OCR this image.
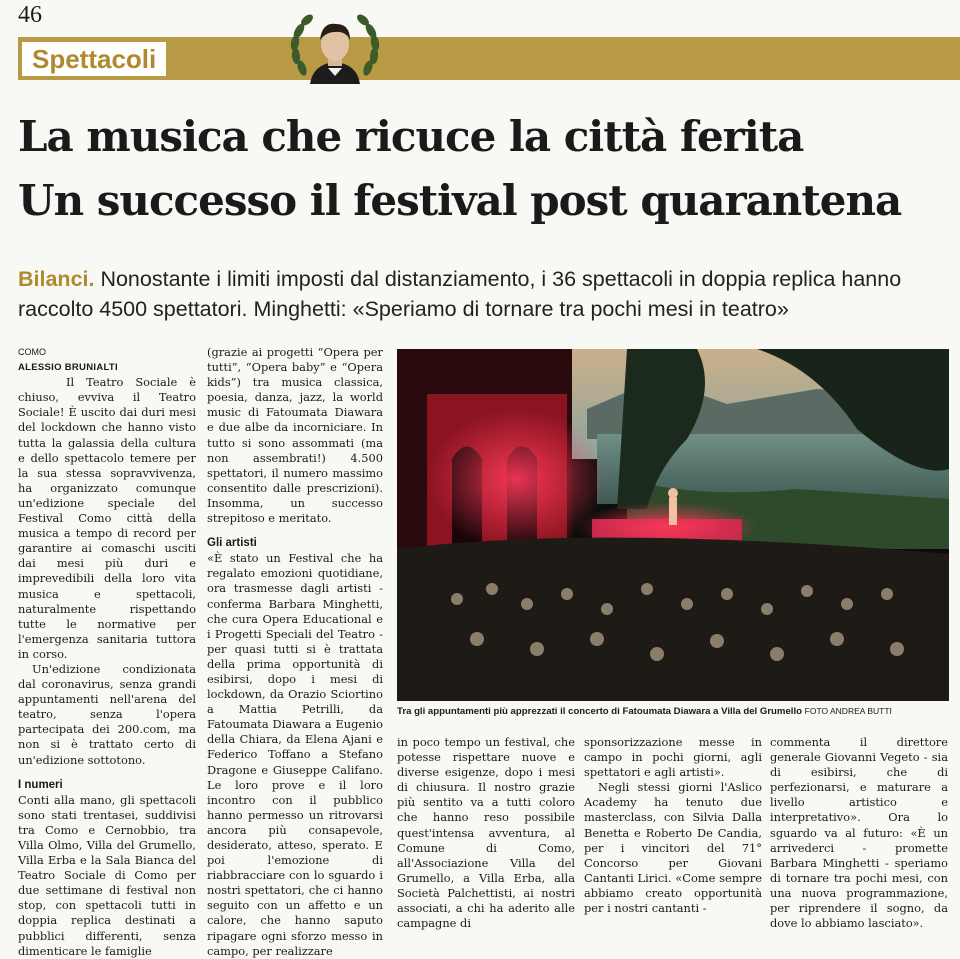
46
Spettacoli
La musica che ricuce la città ferita
Un successo il festival post quarantena
Bilanci. Nonostante i limiti imposti dal distanziamento, i 36 spettacoli in doppia replica hanno raccolto 4500 spettatori. Minghetti: «Speriamo di tornare tra pochi mesi in teatro»
COMO
ALESSIO BRUNIALTI

Il Teatro Sociale è chiuso, evviva il Teatro Sociale! È uscito dai duri mesi del lockdown che hanno visto tutta la galassia della cultura e dello spettacolo temere per la sua stessa sopravvivenza, ha organizzato comunque un'edizione speciale del Festival Como città della musica a tempo di record per garantire ai comaschi usciti dai mesi più duri e imprevedibili della loro vita musica e spettacoli, naturalmente rispettando tutte le normative per l'emergenza sanitaria tuttora in corso.

Un'edizione condizionata dal coronavirus, senza grandi appuntamenti nell'arena del teatro, senza l'opera partecipata dei 200.com, ma non si è trattato certo di un'edizione sottotono.

I numeri

Conti alla mano, gli spettacoli sono stati trentasei, suddivisi tra Como e Cernobbio, tra Villa Olmo, Villa del Grumello, Villa Erba e la Sala Bianca del Teatro Sociale di Como per due settimane di festival non stop, con spettacoli tutti in doppia replica destinati a pubblici differenti, senza dimenticare le famiglie

(grazie ai progetti “Opera per tutti”, “Opera baby” e “Opera kids”) tra musica classica, poesia, danza, jazz, la world music di Fatoumata Diawara e due albe da incorniciare. In tutto si sono assommati (ma non assembrati!) 4.500 spettatori, il numero massimo consentito dalle prescrizioni). Insomma, un successo strepitoso e meritato.

Gli artisti

«È stato un Festival che ha regalato emozioni quotidiane, ora trasmesse dagli artisti - conferma Barbara Minghetti, che cura Opera Educational e i Progetti Speciali del Teatro - per quasi tutti si è trattata della prima opportunità di esibirsi, dopo i mesi di lockdown, da Orazio Sciortino a Mattia Petrilli, da Fatoumata Diawara a Eugenio della Chiara, da Elena Ajani e Federico Toffano a Stefano Dragone e Giuseppe Califano. Le loro prove e il loro incontro con il pubblico hanno permesso un ritrovarsi ancora più consapevole, desiderato, atteso, sperato. E poi l'emozione di riabbracciare con lo sguardo i nostri spettatori, che ci hanno seguito con un affetto e un calore, che hanno saputo ripagare ogni sforzo messo in campo, per realizzare

Tra gli appuntamenti più apprezzati il concerto di Fatoumata Diawara a Villa del Grumello FOTO ANDREA BUTTI

in poco tempo un festival, che potesse rispettare nuove e diverse esigenze, dopo i mesi di chiusura. Il nostro grazie più sentito va a tutti coloro che hanno reso possibile quest'intensa avventura, al Comune di Como, all'Associazione Villa del Grumello, a Villa Erba, alla Società Palchettisti, ai nostri associati, a chi ha aderito alle campagne di

sponsorizzazione messe in campo in pochi giorni, agli spettatori e agli artisti».

Negli stessi giorni l'Aslico Academy ha tenuto due masterclass, con Silvia Dalla Benetta e Roberto De Candia, per i vincitori del 71° Concorso per Giovani Cantanti Lirici. «Come sempre abbiamo creato opportunità per i nostri cantanti -

commenta il direttore generale Giovanni Vegeto - sia di esibirsi, che di perfezionarsi, e maturare a livello artistico e interpretativo». Ora lo sguardo va al futuro: «È un arrivederci - promette Barbara Minghetti - speriamo di tornare tra pochi mesi, con una nuova programmazione, per riprendere il sogno, da dove lo abbiamo lasciato».
